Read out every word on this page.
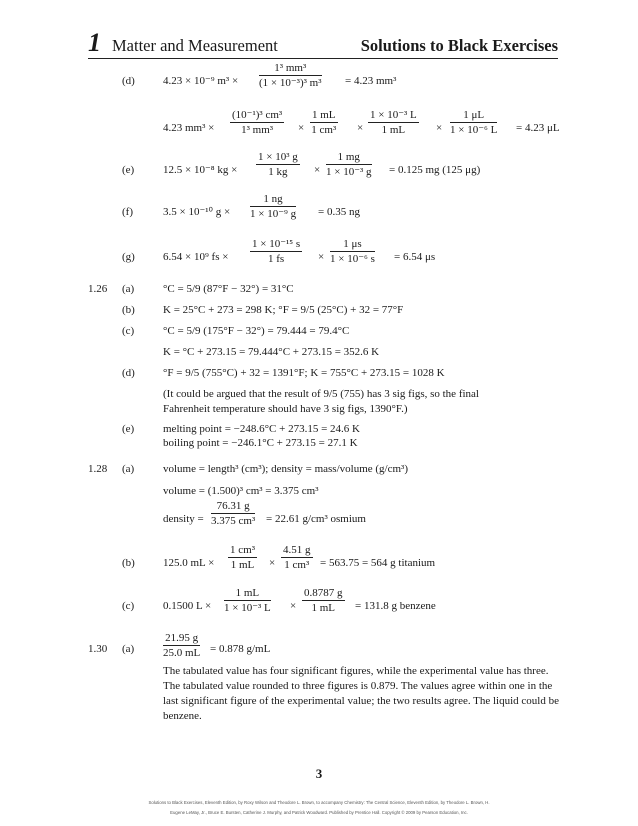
1 Matter and Measurement	Solutions to Black Exercises
(d)	4.23 × 10⁻⁹ $m^3 \times \frac{\text{1³ mm³}}{\text{(1 × 10⁻³)³ m³}} = 4.23$ mm³
4.23 $mm^3 \times \frac{\text{(10⁻¹)³ cm³}}{\text{1³ mm³}} \times \frac{1 mL}{\text{1 cm³}} \times \frac{\text{1 × 10⁻³ L}}{1 mL} \times \frac{1 \mu L}{\text{1 × 10⁻⁶ L}} = 4.23$ μL
(e)	12.5 × 10⁻⁸ kg × $\frac{\text{1 × 10³ g}}{1 kg} \times \frac{1 mg}{\text{1 × 10⁻³ g}} = 0.125$ mg (125 μg)
(f)	3.5 × 10⁻¹⁰ $g \times \frac{1 ng}{\text{1 × 10⁻⁹ g}} = 0.35$ ng
(g)	6.54 × 10⁹ fs × $\frac{\text{1 × 10⁻¹⁵ s}}{1 fs} \times \frac{1 \mu s}{\text{1 × 10⁻⁶ s}} = 6.54$ μs
1.26 (a)	°C = 5/9 (87°F − 32°) = 31°C
(b)	K = 25°C + 273 = 298 K; °F = 9/5 (25°C) + 32 = 77°F
(c)	°C = 5/9 (175°F − 32°) = 79.444 = 79.4°C
K = °C + 273.15 = 79.444°C + 273.15 = 352.6 K
(d)	°F = 9/5 (755°C) + 32 = 1391°F; K = 755°C + 273.15 = 1028 K
(It could be argued that the result of 9/5 (755) has 3 sig figs, so the final
Fahrenheit temperature should have 3 sig figs, 1390°F.)
(e)	melting point = −248.6°C + 273.15 = 24.6 K
boiling point = −246.1°C + 273.15 = 27.1 K
1.28 (a)	volume = length³ (cm³); density = mass/volume (g/cm³)
volume = (1.500)³ cm³ = 3.375 cm³
density = $\frac{76.31 g}{\text{3.375 cm³}} = 22.61$ g/cm³ osmium
(b)	125.0 mL × $\frac{\text{1 cm³}}{1 mL} \times \frac{4.51 g}{\text{1 cm³}} = 563.75 = 564$ g titanium
(c)	0.1500 $L \times \frac{1 mL}{\text{1 × 10⁻³ L}} \times \frac{0.8787 g}{1 mL} = 131.8$ g benzene
1.30 (a)	$\frac{21.95 g}{25.0 mL} = 0.878$ g/mL

The tabulated value has four significant figures, while the experimental value has three. The tabulated value rounded to three figures is 0.879. The values agree within one in the last significant figure of the experimental value; the two results agree. The liquid could be benzene.

3
Solutions to Black Exercises, Eleventh Edition, by Roxy Wilson and Theodore L. Brown, to accompany Chemistry: The Central Science, Eleventh Edition, by Theodore L. Brown, H.
Eugene LeMay, Jr., Bruce E. Bursten, Catherine J. Murphy, and Patrick Woodward. Published by Prentice Hall. Copyright © 2009 by Pearson Education, Inc.
